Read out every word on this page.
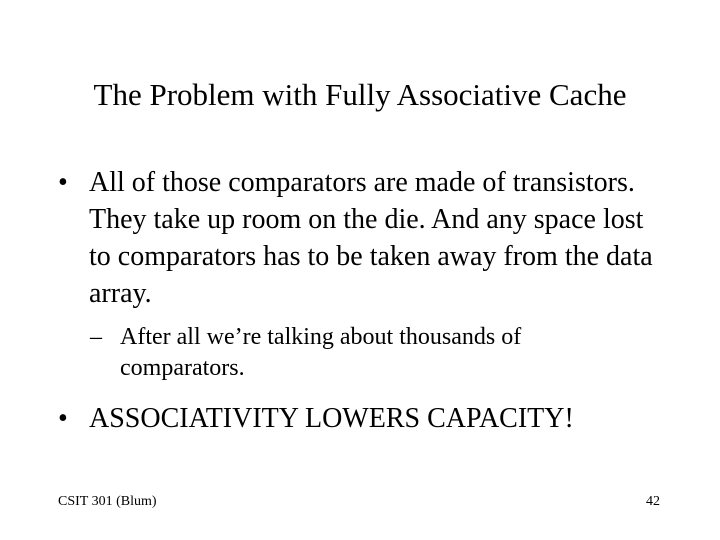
The Problem with Fully Associative Cache
• All of those comparators are made of transistors. They take up room on the die. And any space lost to comparators has to be taken away from the data array.
– After all we’re talking about thousands of comparators.
• ASSOCIATIVITY LOWERS CAPACITY!
CSIT 301 (Blum)	42
